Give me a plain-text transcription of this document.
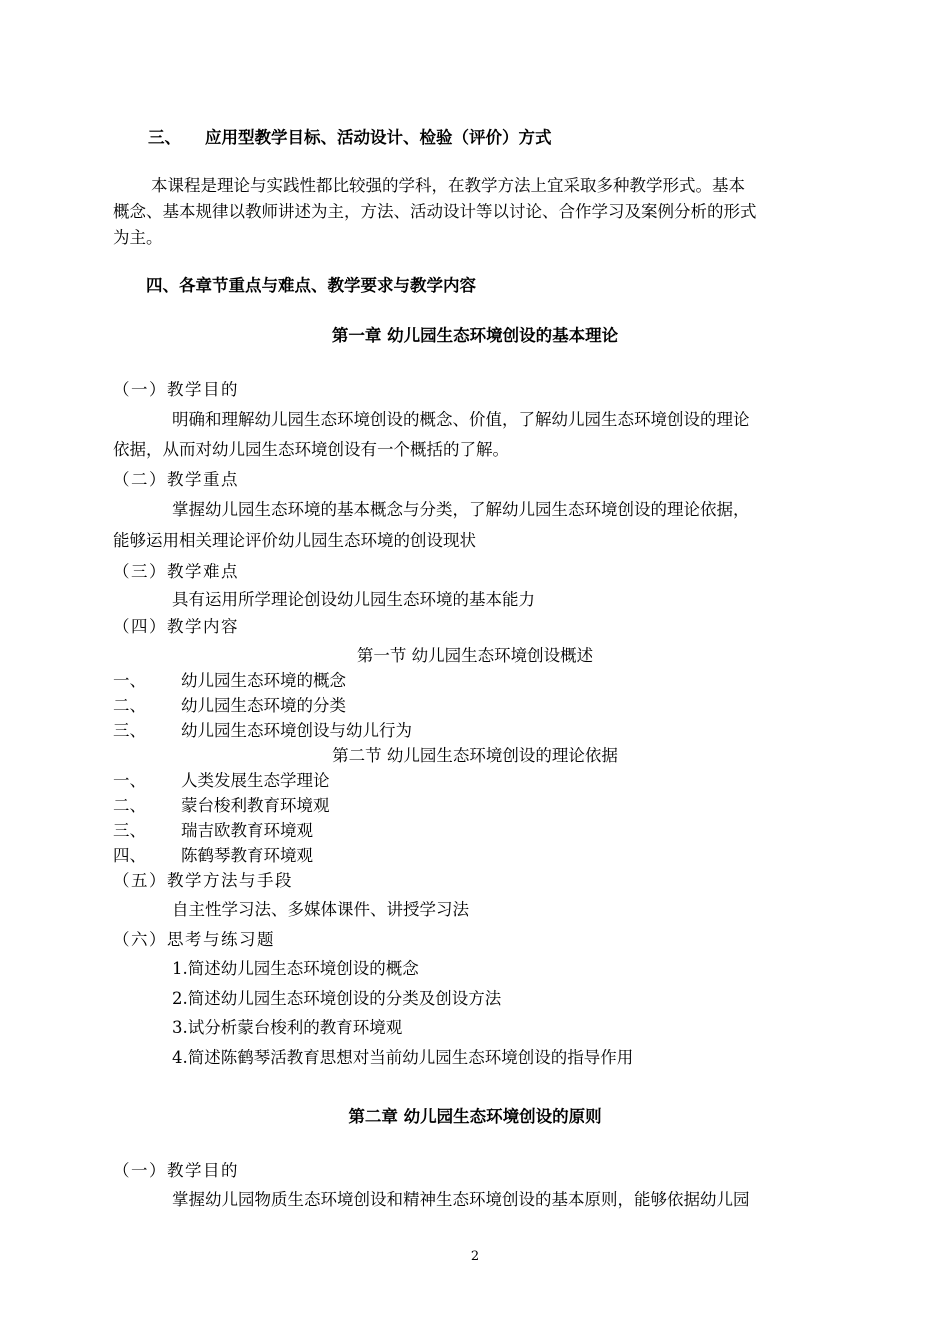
三、 应用型教学目标、活动设计、检验（评价）方式
本课程是理论与实践性都比较强的学科，在教学方法上宜采取多种教学形式。基本
概念、基本规律以教师讲述为主，方法、活动设计等以讨论、合作学习及案例分析的形式
为主。
四、各章节重点与难点、教学要求与教学内容
第一章 幼儿园生态环境创设的基本理论
（一）教学目的
明确和理解幼儿园生态环境创设的概念、价值，了解幼儿园生态环境创设的理论
依据，从而对幼儿园生态环境创设有一个概括的了解。
（二）教学重点
掌握幼儿园生态环境的基本概念与分类，了解幼儿园生态环境创设的理论依据，
能够运用相关理论评价幼儿园生态环境的创设现状
（三）教学难点
具有运用所学理论创设幼儿园生态环境的基本能力
（四）教学内容
第一节 幼儿园生态环境创设概述
一、 幼儿园生态环境的概念
二、 幼儿园生态环境的分类
三、 幼儿园生态环境创设与幼儿行为
第二节 幼儿园生态环境创设的理论依据
一、 人类发展生态学理论
二、 蒙台梭利教育环境观
三、 瑞吉欧教育环境观
四、 陈鹤琴教育环境观
（五）教学方法与手段
自主性学习法、多媒体课件、讲授学习法
（六）思考与练习题
1.简述幼儿园生态环境创设的概念
2.简述幼儿园生态环境创设的分类及创设方法
3.试分析蒙台梭利的教育环境观
4.简述陈鹤琴活教育思想对当前幼儿园生态环境创设的指导作用
第二章 幼儿园生态环境创设的原则
（一）教学目的
掌握幼儿园物质生态环境创设和精神生态环境创设的基本原则，能够依据幼儿园
2
